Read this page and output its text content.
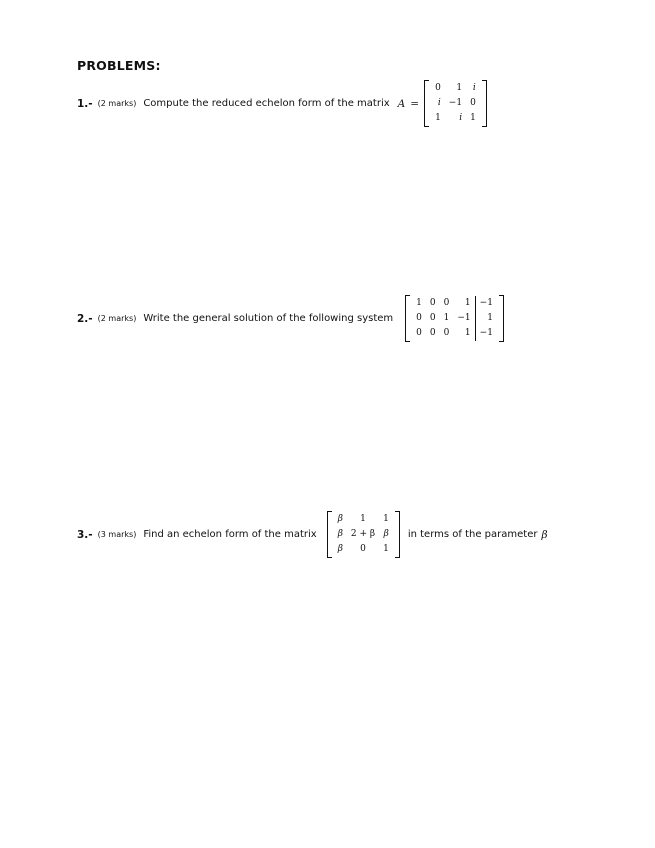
PROBLEMS:
1.- (2 marks) Compute the reduced echelon form of the matrix A =
0	1	i
i	−1	0
1	i	1
2.- (2 marks) Write the general solution of the following system
1	0	0	1	−1
0	0	1	−1	1
0	0	0	1	−1
3.- (3 marks) Find an echelon form of the matrix
β	1	1
β	2 + β	β
β	0	1
in terms of the parameter β
